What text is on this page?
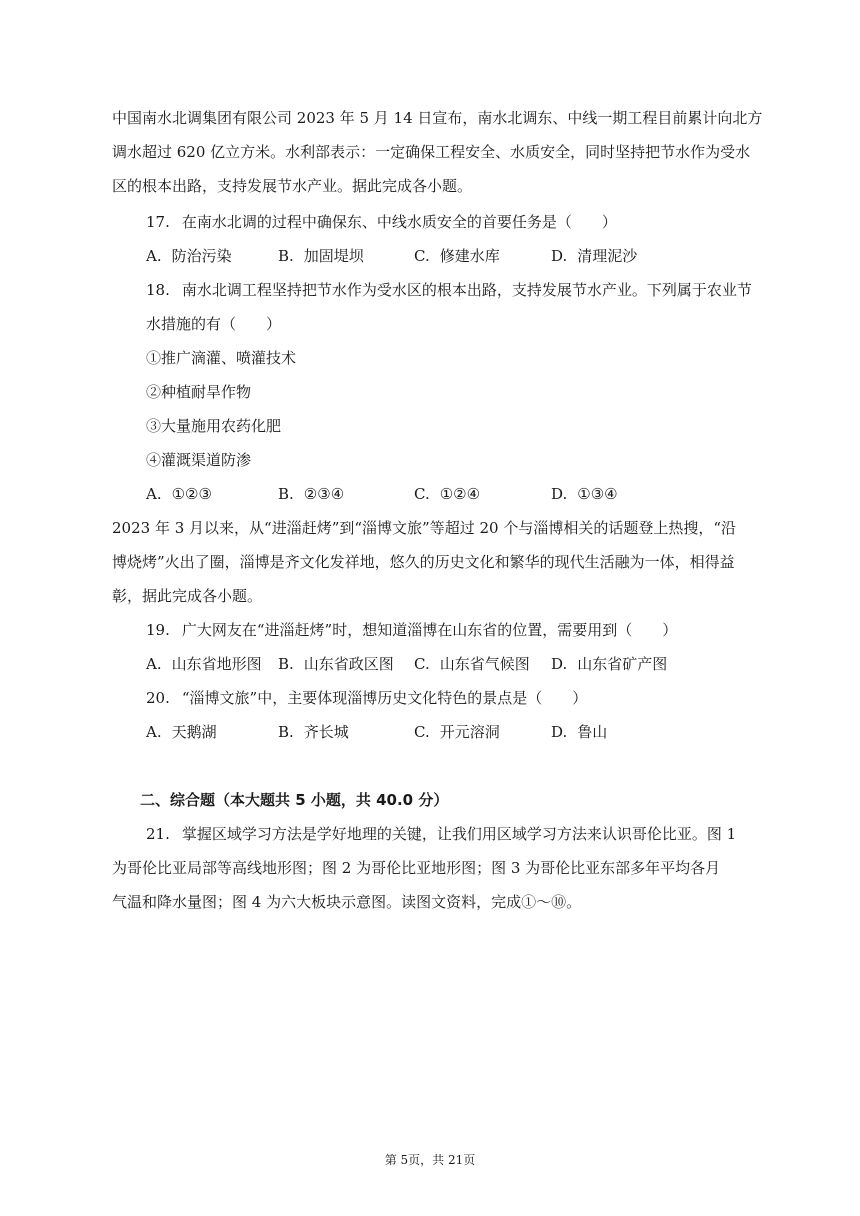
中国南水北调集团有限公司 2023 年 5 月 14 日宣布，南水北调东、中线一期工程目前累计向北方
调水超过 620 亿立方米。水利部表示：一定确保工程安全、水质安全，同时坚持把节水作为受水
区的根本出路，支持发展节水产业。据此完成各小题。
17. 在南水北调的过程中确保东、中线水质安全的首要任务是（　　）
A. 防治污染	B. 加固堤坝	C. 修建水库	D. 清理泥沙
18. 南水北调工程坚持把节水作为受水区的根本出路，支持发展节水产业。下列属于农业节
水措施的有（　　）
①推广滴灌、喷灌技术
②种植耐旱作物
③大量施用农药化肥
④灌溉渠道防渗
A. ①②③	B. ②③④	C. ①②④	D. ①③④
2023 年 3 月以来，从“进淄赶烤”到“淄博文旅”等超过 20 个与淄博相关的话题登上热搜，“沿
博烧烤”火出了圈，淄博是齐文化发祥地，悠久的历史文化和繁华的现代生活融为一体，相得益
彰，据此完成各小题。
19. 广大网友在“进淄赶烤”时，想知道淄博在山东省的位置，需要用到（　　）
A. 山东省地形图 B. 山东省政区图 C. 山东省气候图 D. 山东省矿产图
20. “淄博文旅”中，主要体现淄博历史文化特色的景点是（　　）
A. 天鹅湖	B. 齐长城	C. 开元溶洞	D. 鲁山
二、综合题（本大题共 5 小题，共 40.0 分）
21. 掌握区域学习方法是学好地理的关键，让我们用区域学习方法来认识哥伦比亚。图 1
为哥伦比亚局部等高线地形图；图 2 为哥伦比亚地形图；图 3 为哥伦比亚东部多年平均各月
气温和降水量图；图 4 为六大板块示意图。读图文资料，完成①～⑩。
第 5页，共 21页
